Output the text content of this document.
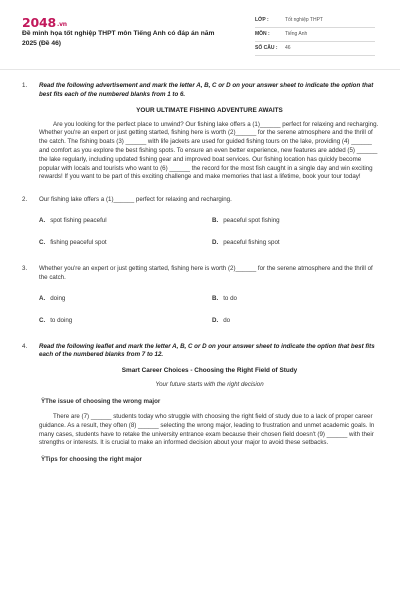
2048.vn
Đề minh họa tốt nghiệp THPT môn Tiếng Anh có đáp án năm 2025 (Đề 46)
LỚP :	Tốt nghiệp THPT
MÔN :	Tiếng Anh
SỐ CÂU : 46
1. Read the following advertisement and mark the letter A, B, C or D on your answer sheet to indicate the option that best fits each of the numbered blanks from 1 to 6.
YOUR ULTIMATE FISHING ADVENTURE AWAITS
Are you looking for the perfect place to unwind? Our fishing lake offers a (1)______ perfect for relaxing and recharging. Whether you're an expert or just getting started, fishing here is worth (2)______ for the serene atmosphere and the thrill of the catch. The fishing boats (3) ______ with life jackets are used for guided fishing tours on the lake, providing (4) ______ and comfort as you explore the best fishing spots. To ensure an even better experience, new features are added (5) ______ the lake regularly, including updated fishing gear and improved boat services. Our fishing location has quickly become popular with locals and tourists who want to (6) ______ the record for the most fish caught in a single day and win exciting rewards! If you want to be part of this exciting challenge and make memories that last a lifetime, book your tour today!
2. Our fishing lake offers a (1)______ perfect for relaxing and recharging.
A. spot fishing peaceful	B. peaceful spot fishing
C. fishing peaceful spot	D. peaceful fishing spot
3. Whether you're an expert or just getting started, fishing here is worth (2)______ for the serene atmosphere and the thrill of the catch.
A. doing	B. to do
C. to doing	D. do
4. Read the following leaflet and mark the letter A, B, C or D on your answer sheet to indicate the option that best fits each of the numbered blanks from 7 to 12.
Smart Career Choices - Choosing the Right Field of Study
Your future starts with the right decision
ŸThe issue of choosing the wrong major
There are (7) ______ students today who struggle with choosing the right field of study due to a lack of proper career guidance. As a result, they often (8) ______ selecting the wrong major, leading to frustration and unmet academic goals. In many cases, students have to retake the university entrance exam because their chosen field doesn't (9) ______ with their strengths or interests. It is crucial to make an informed decision about your major to avoid these setbacks.
ŸTips for choosing the right major
